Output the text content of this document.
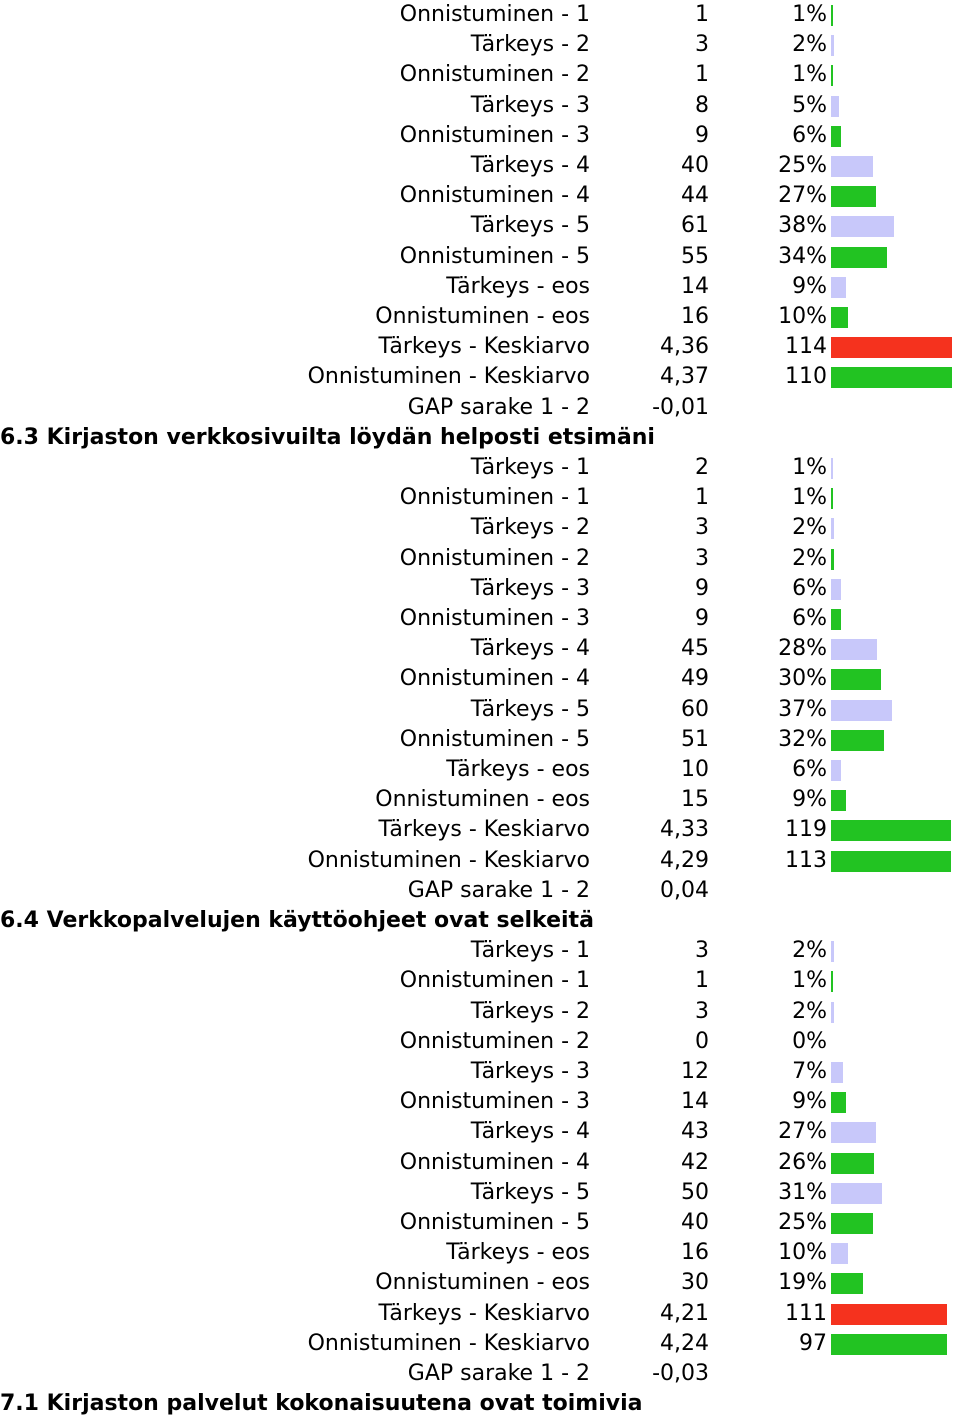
Onnistuminen - 1	1	1%
Tärkeys - 2	3	2%
Onnistuminen - 2	1	1%
Tärkeys - 3	8	5%
Onnistuminen - 3	9	6%
Tärkeys - 4	40	25%
Onnistuminen - 4	44	27%
Tärkeys - 5	61	38%
Onnistuminen - 5	55	34%
Tärkeys - eos	14	9%
Onnistuminen - eos	16	10%
Tärkeys - Keskiarvo	4,36	114
Onnistuminen - Keskiarvo	4,37	110
GAP sarake 1 - 2	-0,01
6.3 Kirjaston verkkosivuilta löydän helposti etsimäni
Tärkeys - 1	2	1%
Onnistuminen - 1	1	1%
Tärkeys - 2	3	2%
Onnistuminen - 2	3	2%
Tärkeys - 3	9	6%
Onnistuminen - 3	9	6%
Tärkeys - 4	45	28%
Onnistuminen - 4	49	30%
Tärkeys - 5	60	37%
Onnistuminen - 5	51	32%
Tärkeys - eos	10	6%
Onnistuminen - eos	15	9%
Tärkeys - Keskiarvo	4,33	119
Onnistuminen - Keskiarvo	4,29	113
GAP sarake 1 - 2	0,04
6.4 Verkkopalvelujen käyttöohjeet ovat selkeitä
Tärkeys - 1	3	2%
Onnistuminen - 1	1	1%
Tärkeys - 2	3	2%
Onnistuminen - 2	0	0%
Tärkeys - 3	12	7%
Onnistuminen - 3	14	9%
Tärkeys - 4	43	27%
Onnistuminen - 4	42	26%
Tärkeys - 5	50	31%
Onnistuminen - 5	40	25%
Tärkeys - eos	16	10%
Onnistuminen - eos	30	19%
Tärkeys - Keskiarvo	4,21	111
Onnistuminen - Keskiarvo	4,24	97
GAP sarake 1 - 2	-0,03
7.1 Kirjaston palvelut kokonaisuutena ovat toimivia
